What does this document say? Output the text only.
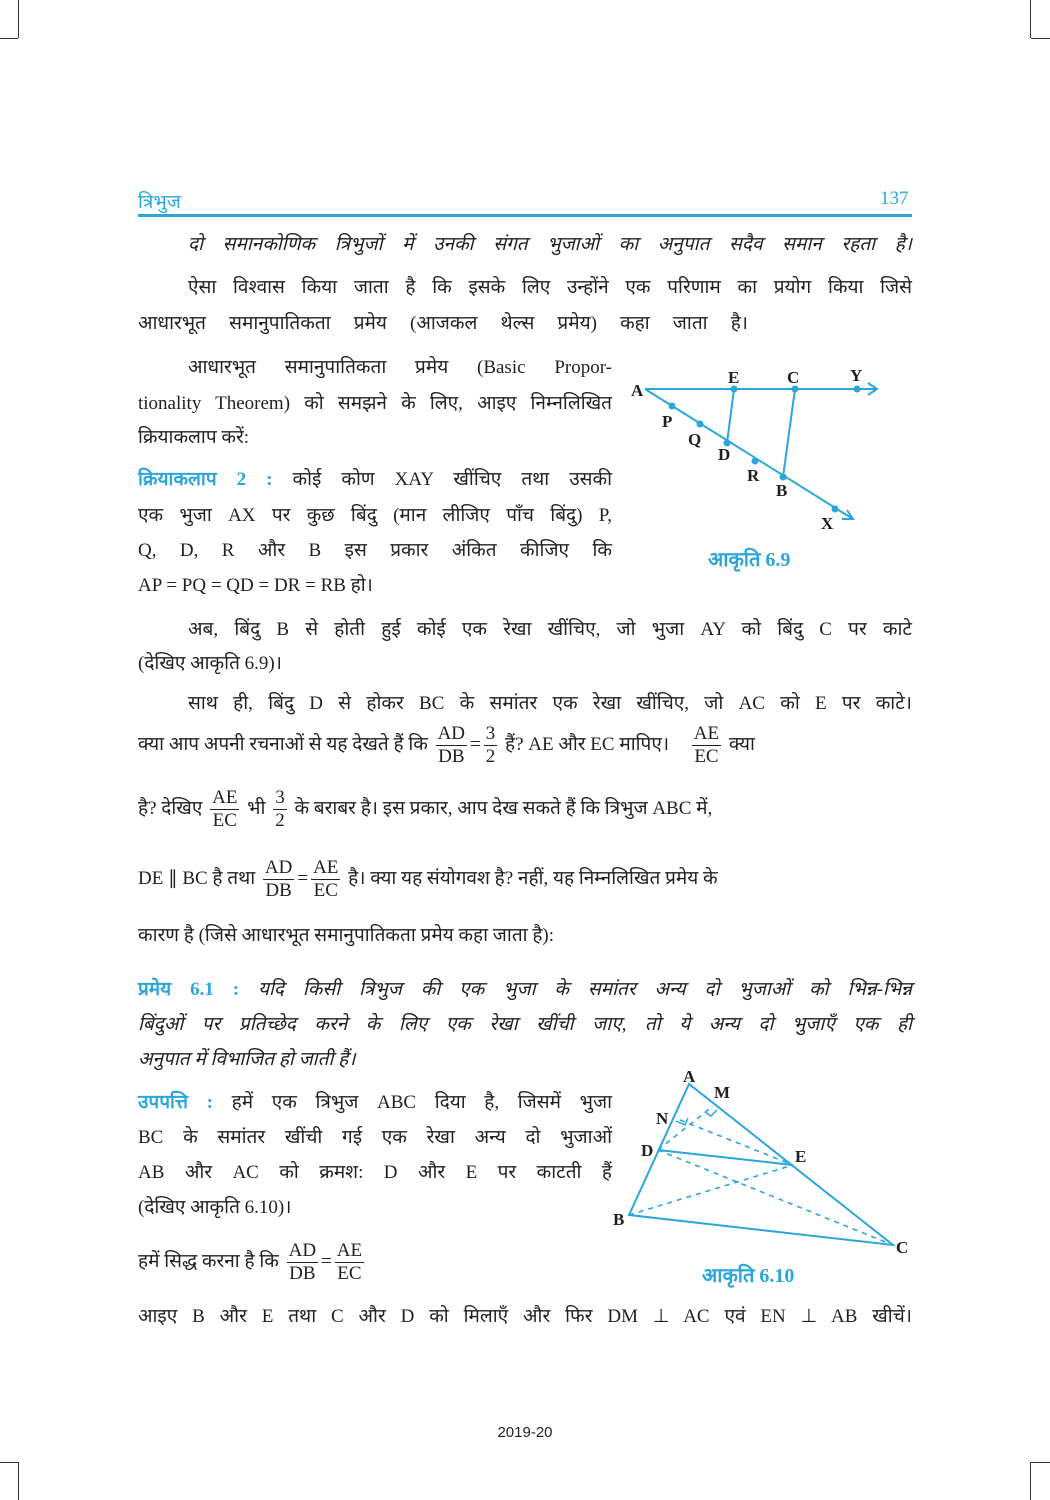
त्रिभुज	137
दो समानकोणिक त्रिभुजों में उनकी संगत भुजाओं का अनुपात सदैव समान रहता है।
ऐसा विश्वास किया जाता है कि इसके लिए उन्होंने एक परिणाम का प्रयोग किया जिसे
आधारभूत समानुपातिकता प्रमेय (आजकल थेल्स प्रमेय) कहा जाता है।
आधारभूत समानुपातिकता प्रमेय (Basic Propor-
tionality Theorem) को समझने के लिए, आइए निम्नलिखित
क्रियाकलाप करें:
क्रियाकलाप 2 : कोई कोण XAY खींचिए तथा उसकी
एक भुजा AX पर कुछ बिंदु (मान लीजिए पाँच बिंदु) P,
Q, D, R और B इस प्रकार अंकित कीजिए कि
AP = PQ = QD = DR = RB हो।
अब, बिंदु B से होती हुई कोई एक रेखा खींचिए, जो भुजा AY को बिंदु C पर काटे
(देखिए आकृति 6.9)।
साथ ही, बिंदु D से होकर BC के समांतर एक रेखा खींचिए, जो AC को E पर काटे।
क्या आप अपनी रचनाओं से यह देखते हैं कि $\frac{AD}{DB} = \frac{3}{2}$ हैं? AE और EC मापिए। $\frac{AE}{EC}$ क्या
है? देखिए $\frac{AE}{EC}$ भी $\frac{3}{2}$ के बराबर है। इस प्रकार, आप देख सकते हैं कि त्रिभुज ABC में,
DE ∥ BC है तथा $\frac{AD}{DB} = \frac{AE}{EC}$ है। क्या यह संयोगवश है? नहीं, यह निम्नलिखित प्रमेय के
कारण है (जिसे आधारभूत समानुपातिकता प्रमेय कहा जाता है):
प्रमेय 6.1 : यदि किसी त्रिभुज की एक भुजा के समांतर अन्य दो भुजाओं को भिन्न-भिन्न
बिंदुओं पर प्रतिच्छेद करने के लिए एक रेखा खींची जाए, तो ये अन्य दो भुजाएँ एक ही
अनुपात में विभाजित हो जाती हैं।
उपपत्ति : हमें एक त्रिभुज ABC दिया है, जिसमें भुजा
BC के समांतर खींची गई एक रेखा अन्य दो भुजाओं
AB और AC को क्रमश: D और E पर काटती हैं
(देखिए आकृति 6.10)।
हमें सिद्ध करना है कि $\frac{AD}{DB} = \frac{AE}{EC}$
आइए B और E तथा C और D को मिलाएँ और फिर DM ⊥ AC एवं EN ⊥ AB खीचें।
A
E	C	Y
P
Q
D
R
B
X
आकृति 6.9
A
M
N
D	E
B
C
आकृति 6.10
2019-20
